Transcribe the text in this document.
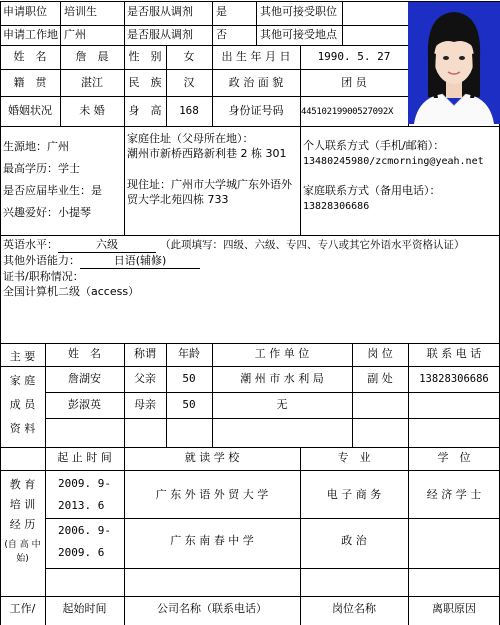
申请职位 培训生	是否服从调剂 是	其他可接受职位
申请工作地 广州	是否服从调剂 否	其他可接受地点
姓　名	詹　晨	性　别	女	出 生 年 月 日	1990. 5. 27
籍　贯	湛江	民　族	汉	政 治 面 貌	团 员
婚姻状况	未 婚	身　高	168	身份证号码	445102199005270​92X
生源地：广州
最高学历：学士
是否应届毕业生：是
兴趣爱好：小提琴
家庭住址（父母所在地）：
潮州市新桥西路新利巷 2 栋 301
现住址：广州市大学城广东外语外
贸大学北苑四栋 733
个人联系方式（手机/邮箱）：
13480245980/zcmorning@yeah.net
家庭联系方式（备用电话）：
13828306686
英语水平：	六级	（此项填写：四级、六级、专四、专八或其它外语水平资格认证）
其他外语能力：	日语(辅修)
证书/职称情况：
全国计算机二级（access）
主 要
家 庭
成 员
资 料
姓　名	称谓	年龄	工 作 单 位	岗 位	联 系 电 话
詹湖安	父亲	50	潮 州 市 水 利 局	副 处	13828306686
彭淑英	母亲	50	无
教 育
培 训
经 历
(自 高 中
始)
起 止 时 间	就 读 学 校	专　业	学　位
2009. 9-
2013. 6
广 东 外 语 外 贸 大 学	电 子 商 务	经 济 学 士
2006. 9-
2009. 6
广 东 南 春 中 学	政 治
工作/	起始时间	公司名称（联系电话）	岗位名称	离职原因
